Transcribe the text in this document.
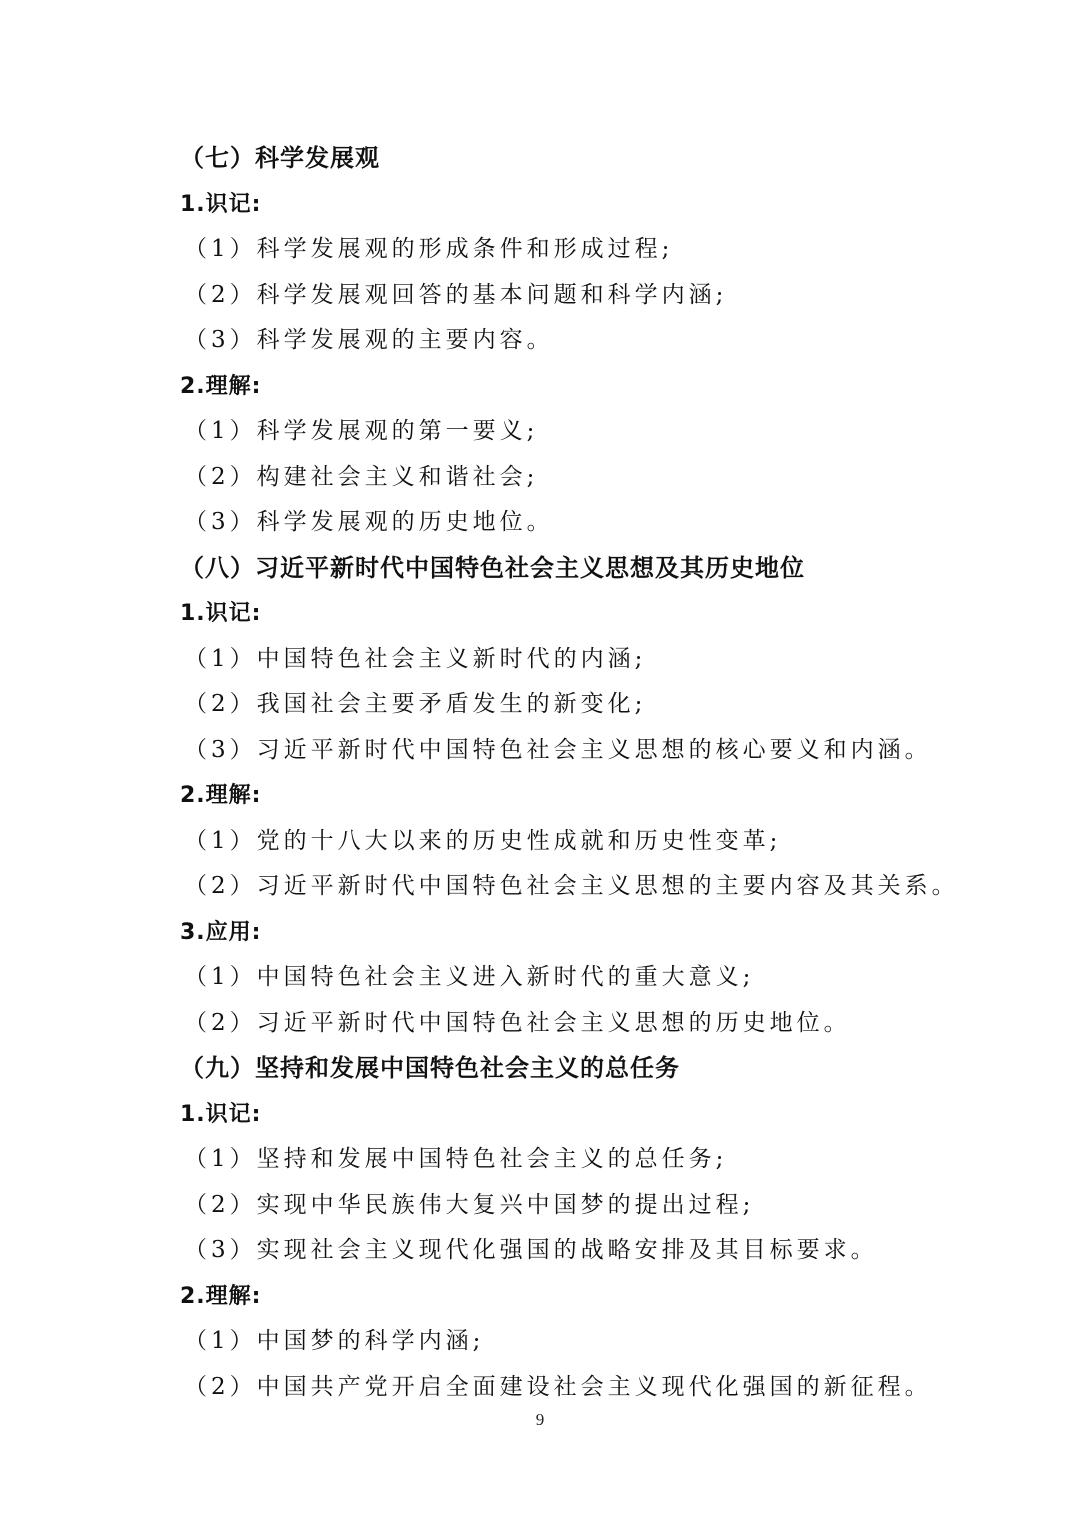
（七）科学发展观
1.识记:
（1）科学发展观的形成条件和形成过程;
（2）科学发展观回答的基本问题和科学内涵;
（3）科学发展观的主要内容。
2.理解:
（1）科学发展观的第一要义;
（2）构建社会主义和谐社会;
（3）科学发展观的历史地位。
（八）习近平新时代中国特色社会主义思想及其历史地位
1.识记:
（1）中国特色社会主义新时代的内涵;
（2）我国社会主要矛盾发生的新变化;
（3）习近平新时代中国特色社会主义思想的核心要义和内涵。
2.理解:
（1）党的十八大以来的历史性成就和历史性变革;
（2）习近平新时代中国特色社会主义思想的主要内容及其关系。
3.应用:
（1）中国特色社会主义进入新时代的重大意义;
（2）习近平新时代中国特色社会主义思想的历史地位。
（九）坚持和发展中国特色社会主义的总任务
1.识记:
（1）坚持和发展中国特色社会主义的总任务;
（2）实现中华民族伟大复兴中国梦的提出过程;
（3）实现社会主义现代化强国的战略安排及其目标要求。
2.理解:
（1）中国梦的科学内涵;
（2）中国共产党开启全面建设社会主义现代化强国的新征程。
9
